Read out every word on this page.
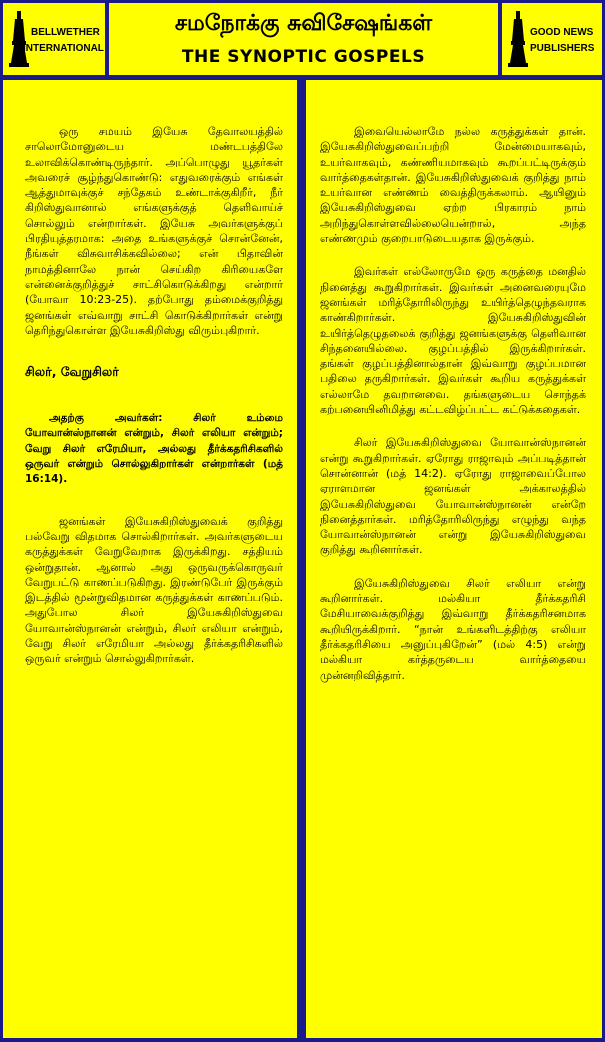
BELLWETHER
INTERNATIONAL
சமநோக்கு சுவிசேஷங்கள்
THE SYNOPTIC GOSPELS
GOOD NEWS
PUBLISHERS

ஒரு சமயம் இயேசு தேவாலயத்தில் சாலொமோனுடைய மண்டபத்திலே உலாவிக்கொண்டிருந்தார். அப்பொழுது யூதர்கள் அவரைச் சூழ்ந்துகொண்டு: எதுவரைக்கும் எங்கள் ஆத்துமாவுக்குச் சந்தேகம் உண்டாக்குகிறீர், நீர் கிறிஸ்துவானால் எங்களுக்குத் தெளிவாய்ச் சொல்லும் என்றார்கள். இயேசு அவர்களுக்குப் பிரதியுத்தரமாக: அதை உங்களுக்குச் சொன்னேன், நீங்கள் விசுவாசிக்கவில்லை; என் பிதாவின் நாமத்தினாலே நான் செய்கிற கிரியைகளே என்னைக்குறித்துச் சாட்சிகொடுக்கிறது என்றார் (யோவா 10:23-25). தற்போது தம்மைக்குறித்து ஜனங்கள் எவ்வாறு சாட்சி கொடுக்கிறார்கள் என்று தெரிந்துகொள்ள இயேசுகிறிஸ்து விரும்புகிறார்.

சிலர், வேறுசிலர்

அதற்கு அவர்கள்: சிலர் உம்மை யோவான்ஸ்நானன் என்றும், சிலர் எலியா என்றும்; வேறு சிலர் எரேமியா, அல்லது தீர்க்கதரிசிகளில் ஒருவர் என்றும் சொல்லுகிறார்கள் என்றார்கள் (மத் 16:14).

ஜனங்கள் இயேசுகிறிஸ்துவைக் குறித்து பல்வேறு விதமாக சொல்கிறார்கள். அவர்களுடைய கருத்துக்கள் வேறுவேறாக இருக்கிறது. சத்தியம் ஒன்றுதான். ஆனால் அது ஒருவருக்கொருவர் வேறுபட்டு காணப்படுகிறது. இரண்டுபேர் இருக்கும் இடத்தில் மூன்றுவிதமான கருத்துக்கள் காணப்படும். அதுபோல சிலர் இயேசுகிறிஸ்துவை யோவான்ஸ்நானன் என்றும், சிலர் எலியா என்றும், வேறு சிலர் எரேமியா அல்லது தீர்க்கதரிசிகளில் ஒருவர் என்றும் சொல்லுகிறார்கள்.

இவையெல்லாமே நல்ல கருத்துக்கள் தான். இயேசுகிறிஸ்துவைப்பற்றி மேன்மையாகவும், உயர்வாகவும், கண்ணியமாகவும் கூறப்பட்டிருக்கும் வார்த்தைகள்தான். இயேசுகிறிஸ்துவைக் குறித்து நாம் உயர்வான எண்ணம் வைத்திருக்கலாம். ஆயினும் இயேசுகிறிஸ்துவை ஏற்ற பிரகாரம் நாம் அறிந்துகொள்ளவில்லையென்றால், அந்த எண்ணமும் குறைபாடுடையதாக இருக்கும்.

இவர்கள் எல்லோருமே ஒரு கருத்தை மனதில் நினைத்து கூறுகிறார்கள். இவர்கள் அனைவரையுமே ஜனங்கள் மரித்தோரிலிருந்து உயிர்த்தெழுந்தவராக காண்கிறார்கள். இயேசுகிறிஸ்துவின் உயிர்த்தெழுதலைக் குறித்து ஜனங்களுக்கு தெளிவான சிந்தனையில்லை. குழப்பத்தில் இருக்கிறார்கள். தங்கள் குழப்பத்தினால்தான் இவ்வாறு குழப்பமான பதிலை தருகிறார்கள். இவர்கள் கூறிய கருத்துக்கள் எல்லாமே தவறானவை. தங்களுடைய சொந்தக் கற்பனையினிமித்து கட்டவிழ்ப்பட்ட கட்டுக்கதைகள்.

சிலர் இயேசுகிறிஸ்துவை யோவான்ஸ்நானன் என்று கூறுகிறார்கள். ஏரோது ராஜாவும் அப்படித்தான் சொன்னான் (மத் 14:2). ஏரோது ராஜாவைப்போல ஏராளமான ஜனங்கள் அக்காலத்தில் இயேசுகிறிஸ்துவை யோவான்ஸ்நானன் என்றே நினைத்தார்கள். மரித்தோரிலிருந்து எழுந்து வந்த யோவான்ஸ்நானன் என்று இயேசுகிறிஸ்துவை குறித்து கூறினார்கள்.

இயேசுகிறிஸ்துவை சிலர் எலியா என்று கூறினார்கள். மல்கியா தீர்க்கதரிசி மேசியாவைக்குறித்து இவ்வாறு தீர்க்கதரிசனமாக கூறியிருக்கிறார். “நான் உங்களிடத்திற்கு எலியா தீர்க்கதரிசியை அனுப்புகிறேன்” (மல் 4:5) என்று மல்கியா கர்த்தருடைய வார்த்தையை முன்னறிவித்தார்.
